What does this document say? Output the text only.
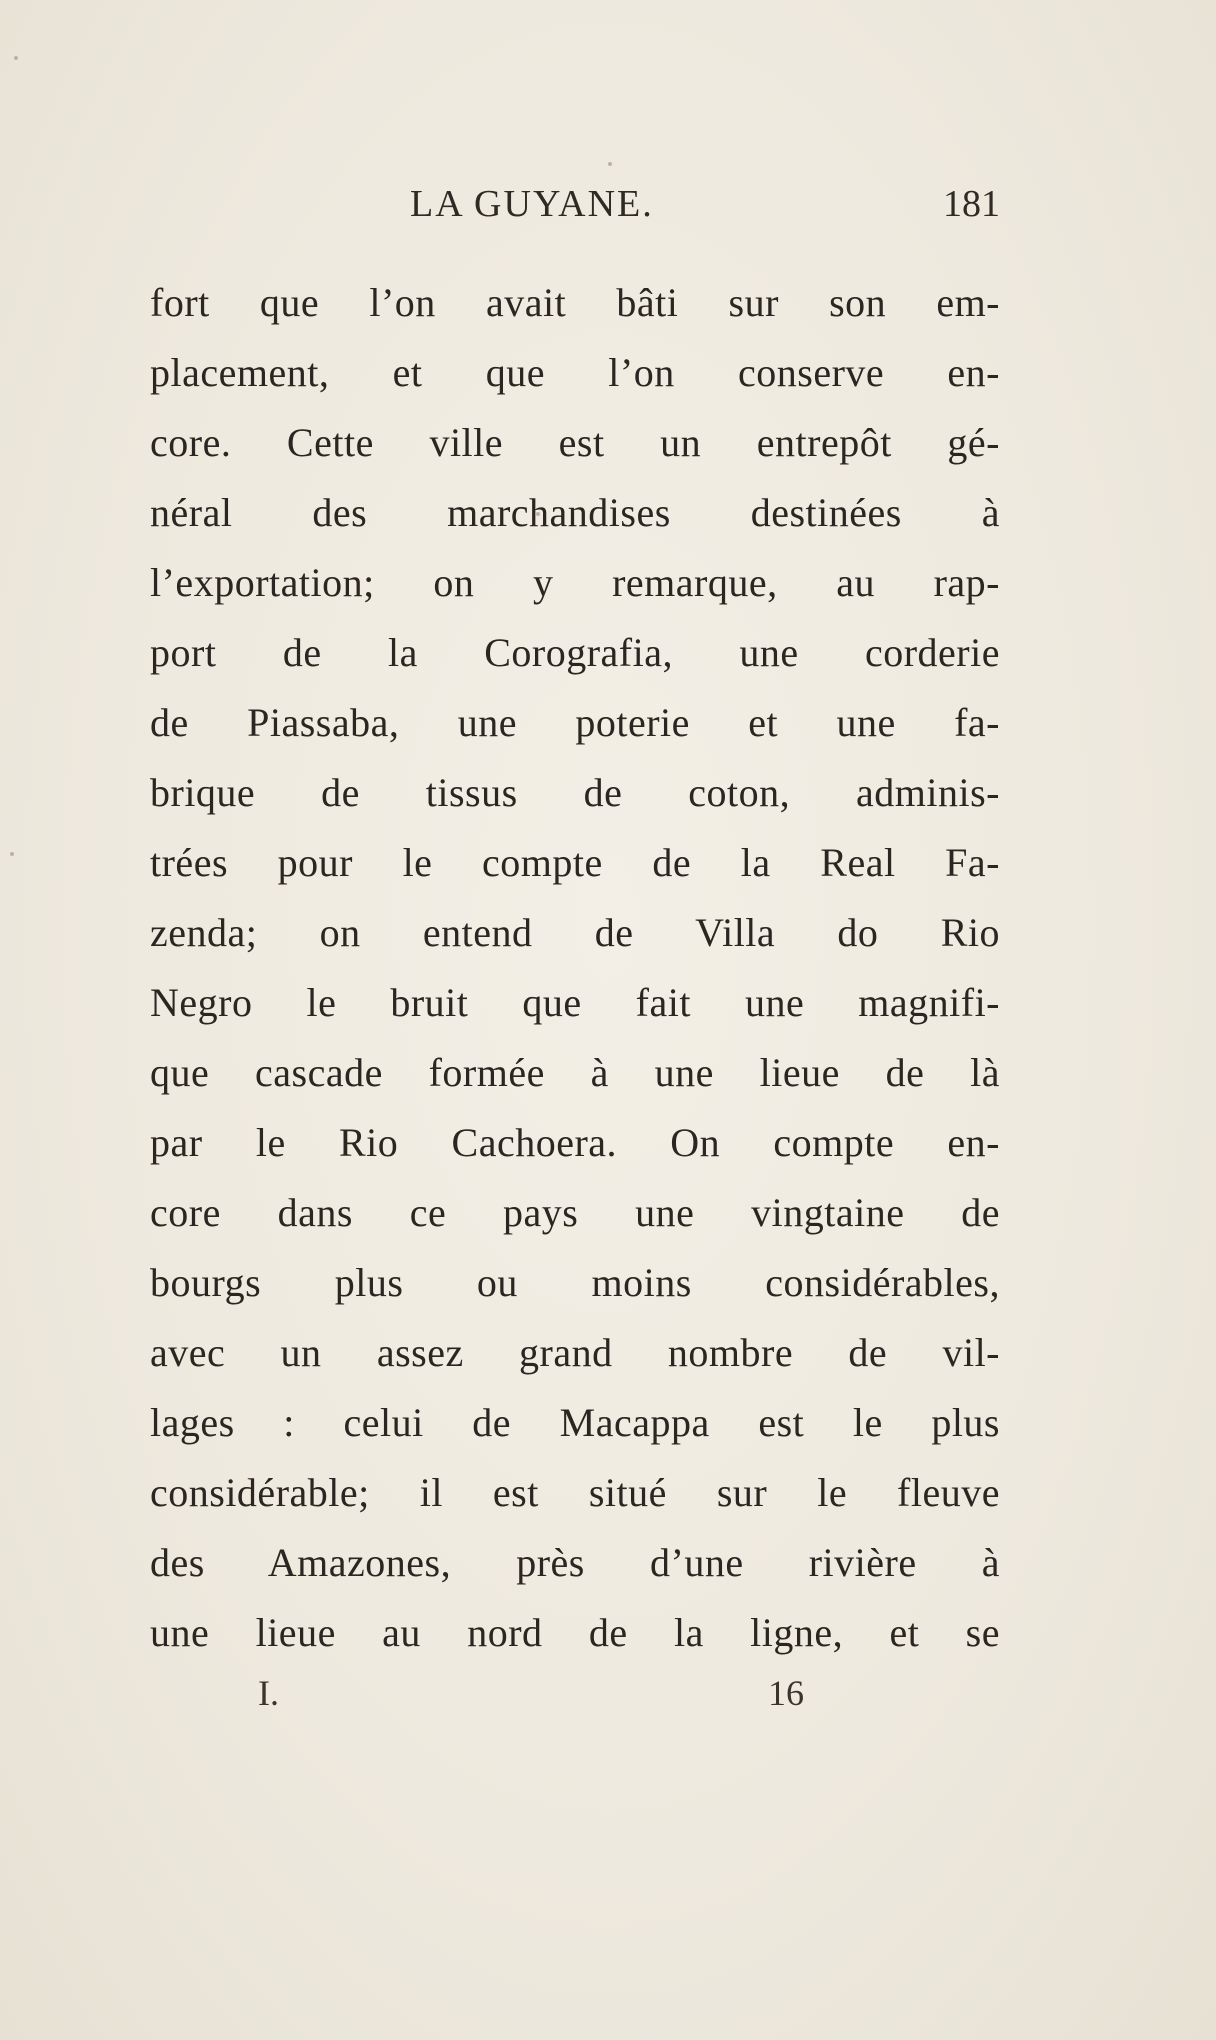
LA GUYANE.	181
fort que l’on avait bâti sur son em-
placement, et que l’on conserve en-
core. Cette ville est un entrepôt gé-
néral des marchandises destinées à
l’exportation; on y remarque, au rap-
port de la Corografia, une corderie
de Piassaba, une poterie et une fa-
brique de tissus de coton, adminis-
trées pour le compte de la Real Fa-
zenda; on entend de Villa do Rio
Negro le bruit que fait une magnifi-
que cascade formée à une lieue de là
par le Rio Cachoera. On compte en-
core dans ce pays une vingtaine de
bourgs plus ou moins considérables,
avec un assez grand nombre de vil-
lages : celui de Macappa est le plus
considérable; il est situé sur le fleuve
des Amazones, près d’une rivière à
une lieue au nord de la ligne, et se
I.	16
